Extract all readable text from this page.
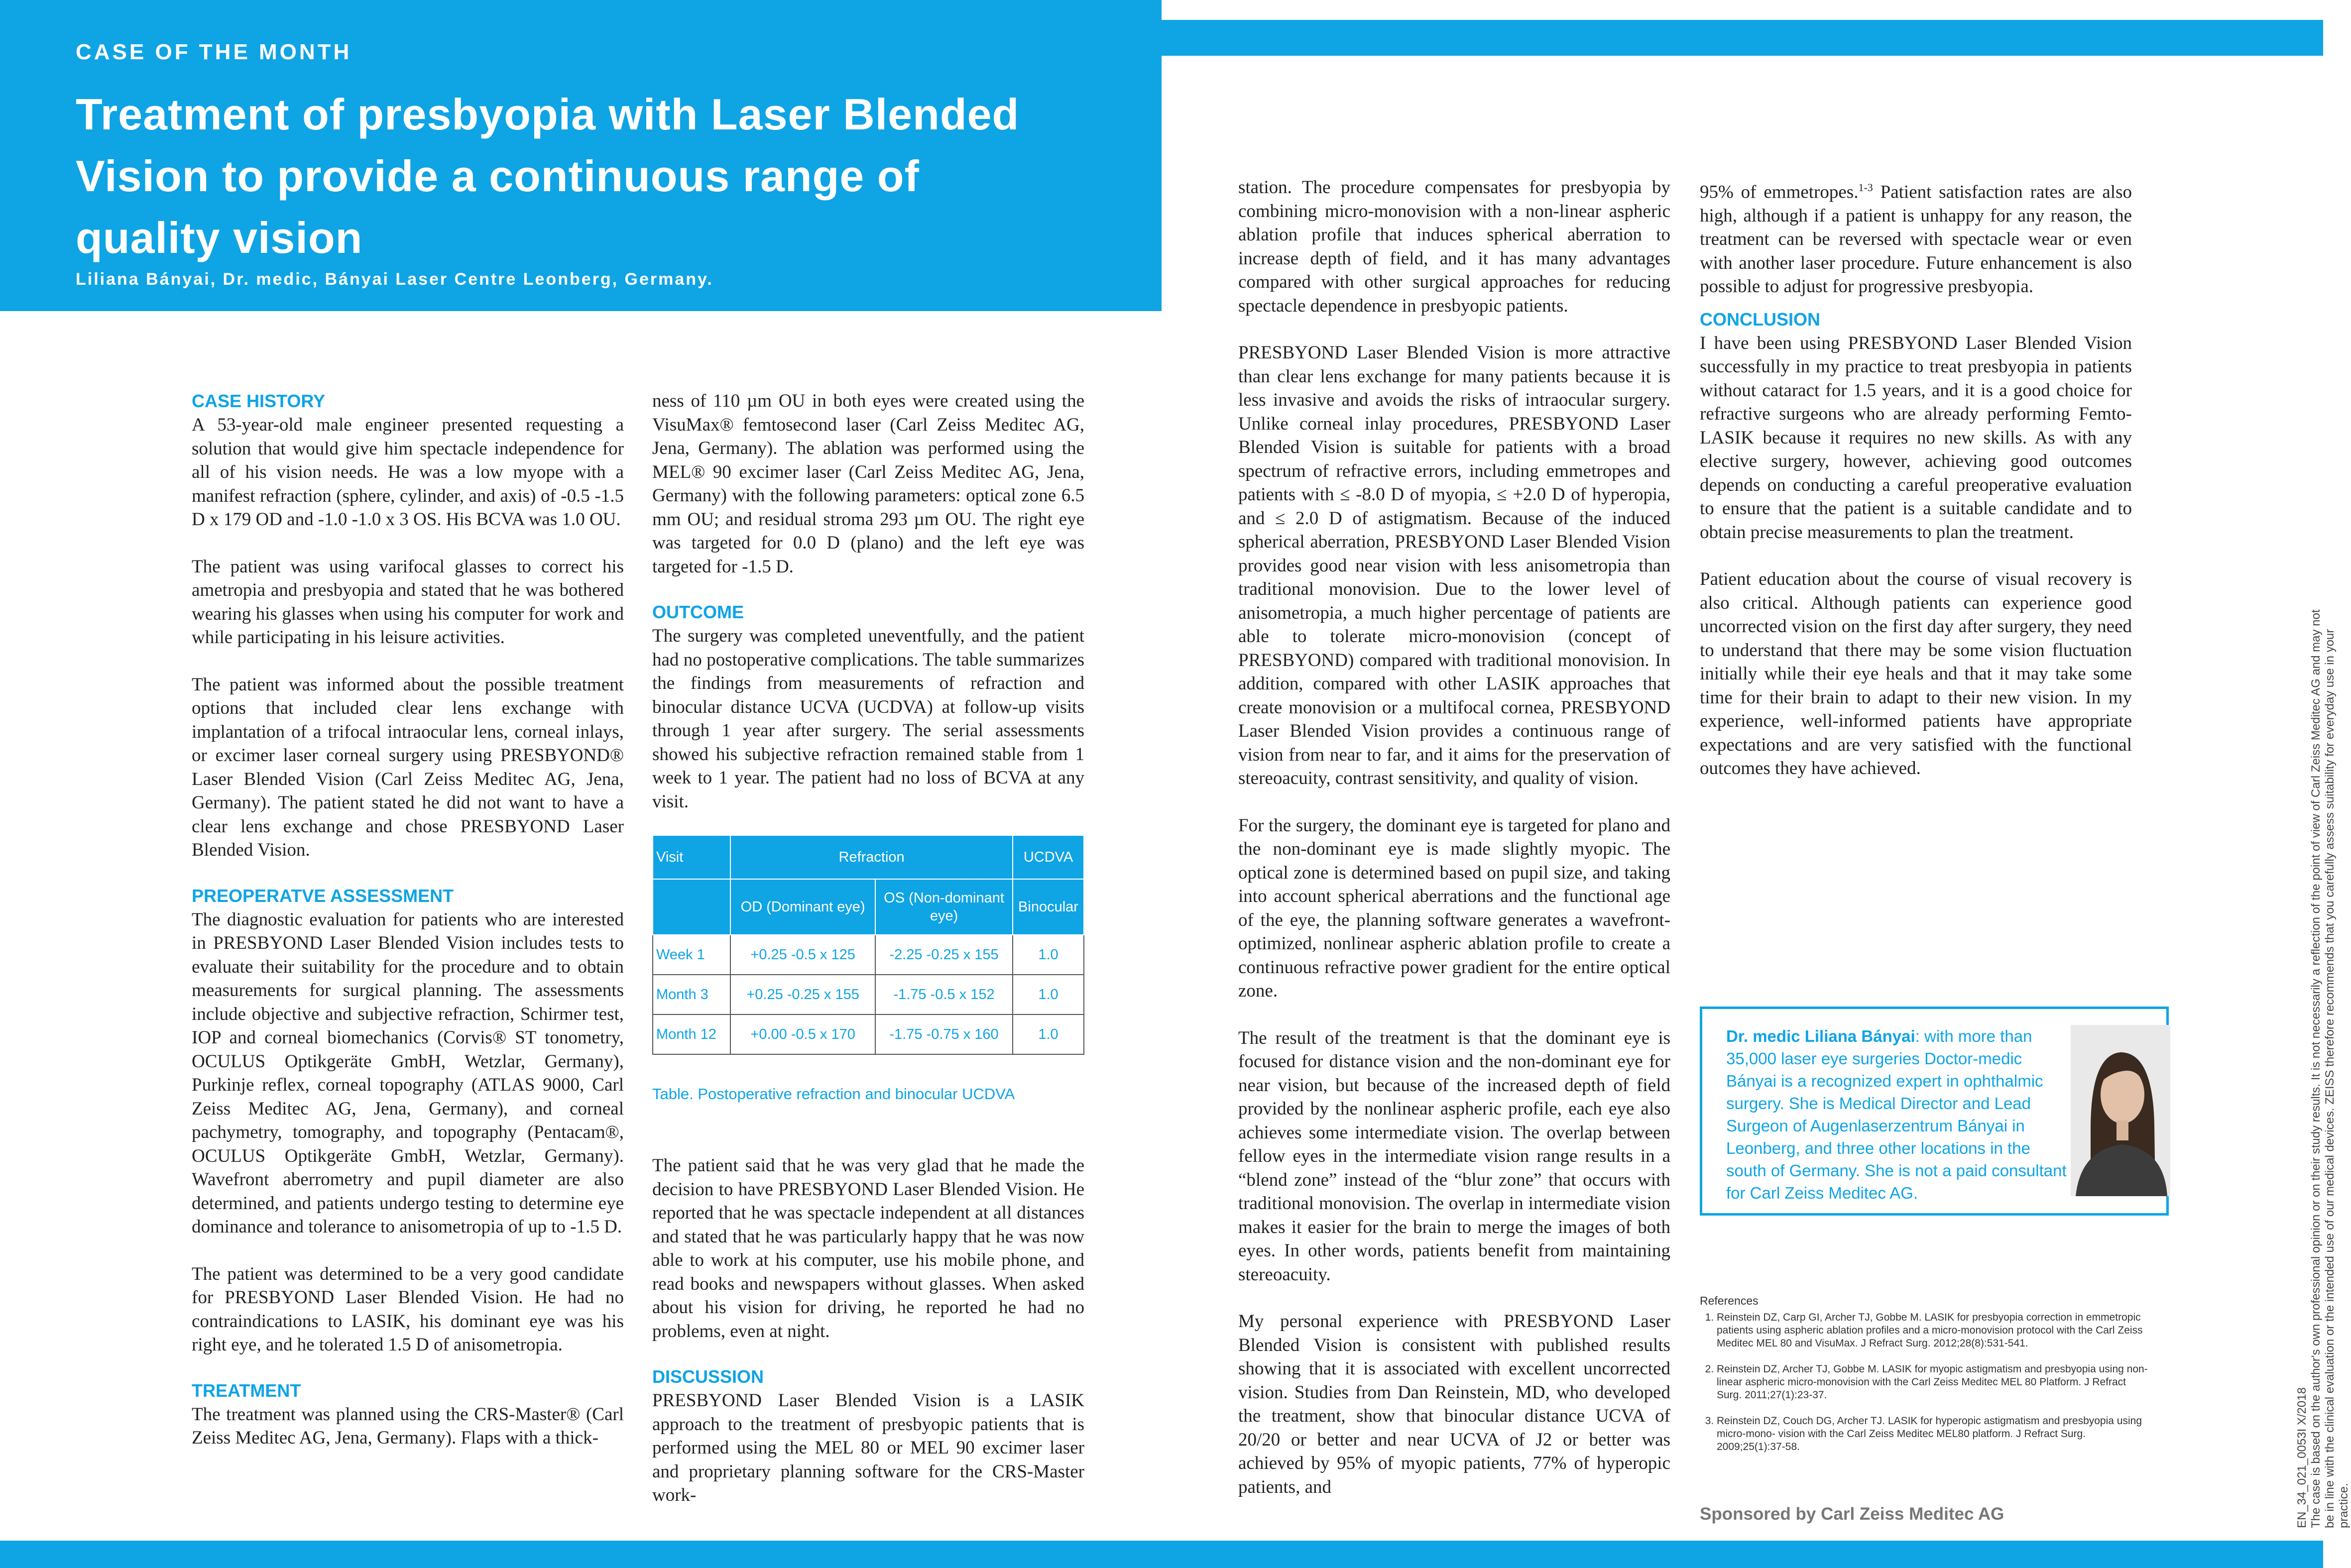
CASE OF THE MONTH
Treatment of presbyopia with Laser Blended
Vision to provide a continuous range of
quality vision
Liliana Bányai, Dr. medic, Bányai Laser Centre Leonberg, Germany.
CASE STUDIES
CASE HISTORY

A 53-year-old male engineer presented requesting a solution that would give him spectacle independence for all of his vision needs. He was a low myope with a manifest refraction (sphere, cylinder, and axis) of -0.5 -1.5 D x 179 OD and -1.0 -1.0 x 3 OS. His BCVA was 1.0 OU.

The patient was using varifocal glasses to correct his ametropia and presbyopia and stated that he was bothered wearing his glasses when using his computer for work and while participating in his leisure activities.

The patient was informed about the possible treatment options that included clear lens exchange with implantation of a trifocal intraocular lens, corneal inlays, or excimer laser corneal surgery using PRESBYOND® Laser Blended Vision (Carl Zeiss Meditec AG, Jena, Germany). The patient stated he did not want to have a clear lens exchange and chose PRESBYOND Laser Blended Vision.

PREOPERATVE ASSESSMENT

The diagnostic evaluation for patients who are interested in PRESBYOND Laser Blended Vision includes tests to evaluate their suitability for the procedure and to obtain measurements for surgical planning. The assessments include objective and subjective refraction, Schirmer test, IOP and corneal biomechanics (Corvis® ST tonometry, OCULUS Optikgeräte GmbH, Wetzlar, Germany), Purkinje reflex, corneal topography (ATLAS 9000, Carl Zeiss Meditec AG, Jena, Germany), and corneal pachymetry, tomography, and topography (Pentacam®, OCULUS Optikgeräte GmbH, Wetzlar, Germany). Wavefront aberrometry and pupil diameter are also determined, and patients undergo testing to determine eye dominance and tolerance to anisometropia of up to -1.5 D.

The patient was determined to be a very good candidate for PRESBYOND Laser Blended Vision. He had no contraindications to LASIK, his dominant eye was his right eye, and he tolerated 1.5 D of anisometropia.

TREATMENT

The treatment was planned using the CRS-Master® (Carl Zeiss Meditec AG, Jena, Germany). Flaps with a thick-

ness of 110 µm OU in both eyes were created using the VisuMax® femtosecond laser (Carl Zeiss Meditec AG, Jena, Germany). The ablation was performed using the MEL® 90 excimer laser (Carl Zeiss Meditec AG, Jena, Germany) with the following parameters: optical zone 6.5 mm OU; and residual stroma 293 µm OU. The right eye was targeted for 0.0 D (plano) and the left eye was targeted for -1.5 D.

OUTCOME

The surgery was completed uneventfully, and the patient had no postoperative complications. The table summarizes the findings from measurements of refraction and binocular distance UCVA (UCDVA) at follow-up visits through 1 year after surgery. The serial assessments showed his subjective refraction remained stable from 1 week to 1 year. The patient had no loss of BCVA at any visit.

Visit	Refraction		UCDVA
	OD (Dominant eye)	OS (Non-dominant eye)	Binocular
Week 1	+0.25 -0.5 x 125	-2.25 -0.25 x 155	1.0
Month 3	+0.25 -0.25 x 155	-1.75 -0.5 x 152	1.0
Month 12	+0.00 -0.5 x 170	-1.75 -0.75 x 160	1.0
Table. Postoperative refraction and binocular UCDVA

The patient said that he was very glad that he made the decision to have PRESBYOND Laser Blended Vision. He reported that he was spectacle independent at all distances and stated that he was particularly happy that he was now able to work at his computer, use his mobile phone, and read books and newspapers without glasses. When asked about his vision for driving, he reported he had no problems, even at night.

DISCUSSION

PRESBYOND Laser Blended Vision is a LASIK approach to the treatment of presbyopic patients that is performed using the MEL 80 or MEL 90 excimer laser and proprietary planning software for the CRS-Master work-

station. The procedure compensates for presbyopia by combining micro-monovision with a non-linear aspheric ablation profile that induces spherical aberration to increase depth of field, and it has many advantages compared with other surgical approaches for reducing spectacle dependence in presbyopic patients.

PRESBYOND Laser Blended Vision is more attractive than clear lens exchange for many patients because it is less invasive and avoids the risks of intraocular surgery. Unlike corneal inlay procedures, PRESBYOND Laser Blended Vision is suitable for patients with a broad spectrum of refractive errors, including emmetropes and patients with ≤ -8.0 D of myopia, ≤ +2.0 D of hyperopia, and ≤ 2.0 D of astigmatism. Because of the induced spherical aberration, PRESBYOND Laser Blended Vision provides good near vision with less anisometropia than traditional monovision. Due to the lower level of anisometropia, a much higher percentage of patients are able to tolerate micro-monovision (concept of PRESBYOND) compared with traditional monovision. In addition, compared with other LASIK approaches that create monovision or a multifocal cornea, PRESBYOND Laser Blended Vision provides a continuous range of vision from near to far, and it aims for the preservation of stereoacuity, contrast sensitivity, and quality of vision.

For the surgery, the dominant eye is targeted for plano and the non-dominant eye is made slightly myopic. The optical zone is determined based on pupil size, and taking into account spherical aberrations and the functional age of the eye, the planning software generates a wavefront-optimized, nonlinear aspheric ablation profile to create a continuous refractive power gradient for the entire optical zone.

The result of the treatment is that the dominant eye is focused for distance vision and the non-dominant eye for near vision, but because of the increased depth of field provided by the nonlinear aspheric profile, each eye also achieves some intermediate vision. The overlap between fellow eyes in the intermediate vision range results in a “blend zone” instead of the “blur zone” that occurs with traditional monovision. The overlap in intermediate vision makes it easier for the brain to merge the images of both eyes. In other words, patients benefit from maintaining stereoacuity.

My personal experience with PRESBYOND Laser Blended Vision is consistent with published results showing that it is associated with excellent uncorrected vision. Studies from Dan Reinstein, MD, who developed the treatment, show that binocular distance UCVA of 20/20 or better and near UCVA of J2 or better was achieved by 95% of myopic patients, 77% of hyperopic patients, and

95% of emmetropes.$^{1-3}$ Patient satisfaction rates are also high, although if a patient is unhappy for any reason, the treatment can be reversed with spectacle wear or even with another laser procedure. Future enhancement is also possible to adjust for progressive presbyopia.

CONCLUSION

I have been using PRESBYOND Laser Blended Vision successfully in my practice to treat presbyopia in patients without cataract for 1.5 years, and it is a good choice for refractive surgeons who are already performing Femto-LASIK because it requires no new skills. As with any elective surgery, however, achieving good outcomes depends on conducting a careful preoperative evaluation to ensure that the patient is a suitable candidate and to obtain precise measurements to plan the treatment.

Patient education about the course of visual recovery is also critical. Although patients can experience good uncorrected vision on the first day after surgery, they need to understand that there may be some vision fluctuation initially while their eye heals and that it may take some time for their brain to adapt to their new vision. In my experience, well-informed patients have appropriate expectations and are very satisfied with the functional outcomes they have achieved.

Dr. medic Liliana Bányai: with more than 35,000 laser eye surgeries Doctor-medic Bányai is a recognized expert in ophthalmic surgery. She is Medical Director and Lead Surgeon of Augenlaserzentrum Bányai in Leonberg, and three other locations in the south of Germany. She is not a paid consultant for Carl Zeiss Meditec AG.
References
1. Reinstein DZ, Carp GI, Archer TJ, Gobbe M. LASIK for presbyopia correction in emmetropic patients using aspheric ablation profiles and a micro-monovision protocol with the Carl Zeiss Meditec MEL 80 and VisuMax. J Refract Surg. 2012;28(8):531-541.
2. Reinstein DZ, Archer TJ, Gobbe M. LASIK for myopic astigmatism and presbyopia using non-linear aspheric micro-monovision with the Carl Zeiss Meditec MEL 80 Platform. J Refract Surg. 2011;27(1):23-37.
3. Reinstein DZ, Couch DG, Archer TJ. LASIK for hyperopic astigmatism and presbyopia using micro-mono- vision with the Carl Zeiss Meditec MEL80 platform. J Refract Surg. 2009;25(1):37-58.
Sponsored by Carl Zeiss Meditec AG	EN_34_021_0053I X/2018 The case is based on the author's own professional opinion or on their study results. It is not necessarily a reflection of the point of view of Carl Zeiss Meditec AG and may not be in line with the clinical evaluation or the intended use of our medical devices. ZEISS therefore recommends that you carefully assess suitability for everyday use in your practice.
